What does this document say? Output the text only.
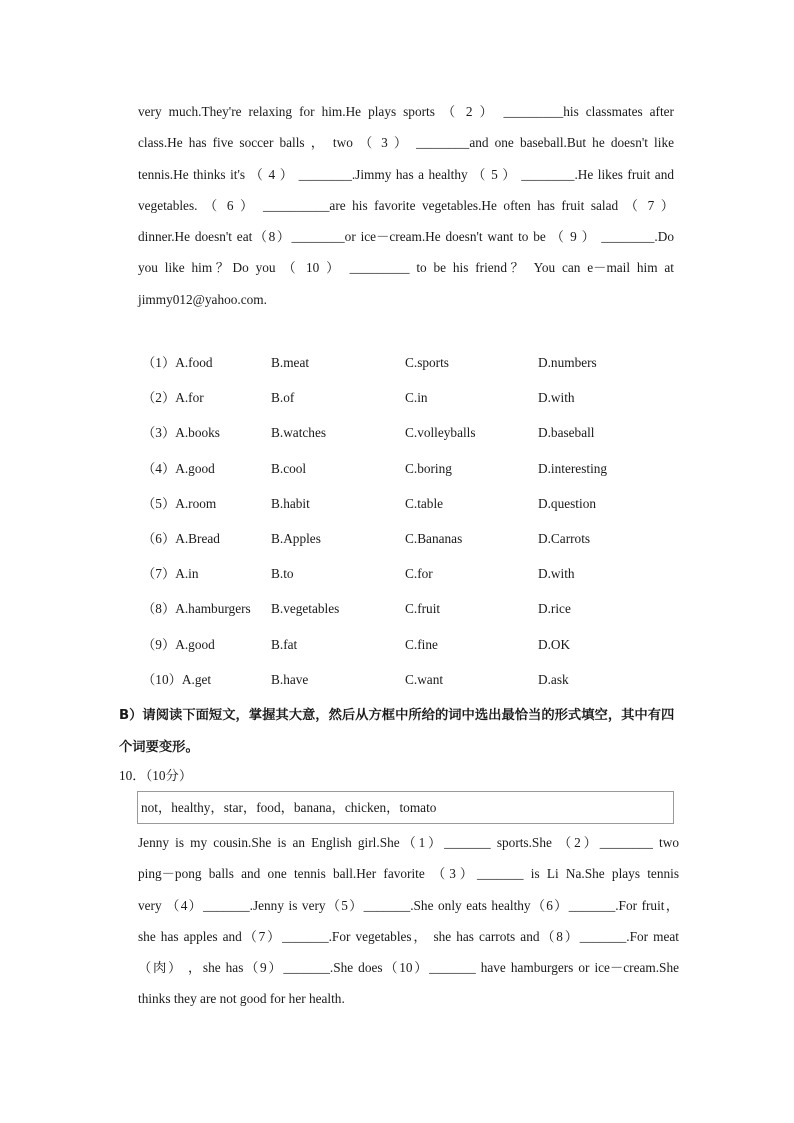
very much.They're relaxing for him.He plays sports （ 2 ） _________his classmates after

class.He has five soccer balls ， two （ 3 ） ________and one baseball.But he doesn't like

tennis.He thinks it's （ 4 ） ________.Jimmy has a healthy （ 5 ） ________.He likes fruit and

vegetables. （ 6 ） __________are his favorite vegetables.He often has fruit salad （ 7 ）

dinner.He doesn't eat（8）________or ice－cream.He doesn't want to be （ 9 ） ________.Do

you like him？Do you （ 10 ） _________ to be his friend？ You can e－mail him at

jimmy012@yahoo.com.

（1）A.food	B.meat	C.sports	D.numbers
（2）A.for	B.of	C.in	D.with
（3）A.books	B.watches	C.volleyballs	D.baseball
（4）A.good	B.cool	C.boring	D.interesting
（5）A.room	B.habit	C.table	D.question
（6）A.Bread	B.Apples	C.Bananas	D.Carrots
（7）A.in	B.to	C.for	D.with
（8）A.hamburgers B.vegetables	C.fruit	D.rice
（9）A.good	B.fat	C.fine	D.OK
（10）A.get	B.have	C.want	D.ask
B）请阅读下面短文，掌握其大意，然后从方框中所给的词中选出最恰当的形式填空，其中有四个词要变形。
10．（10分）
not，healthy，star，food，banana，chicken，tomato

Jenny is my cousin.She is an English girl.She（1）_______ sports.She （2）________ two

ping－pong balls and one tennis ball.Her favorite （3）_______ is Li Na.She plays tennis

very （4）_______.Jenny is very（5）_______.She only eats healthy（6）_______.For fruit，

she has apples and（7）_______.For vegetables， she has carrots and（8）_______.For meat

（肉） ，she has（9）_______.She does（10）_______ have hamburgers or ice－cream.She

thinks they are not good for her health.
